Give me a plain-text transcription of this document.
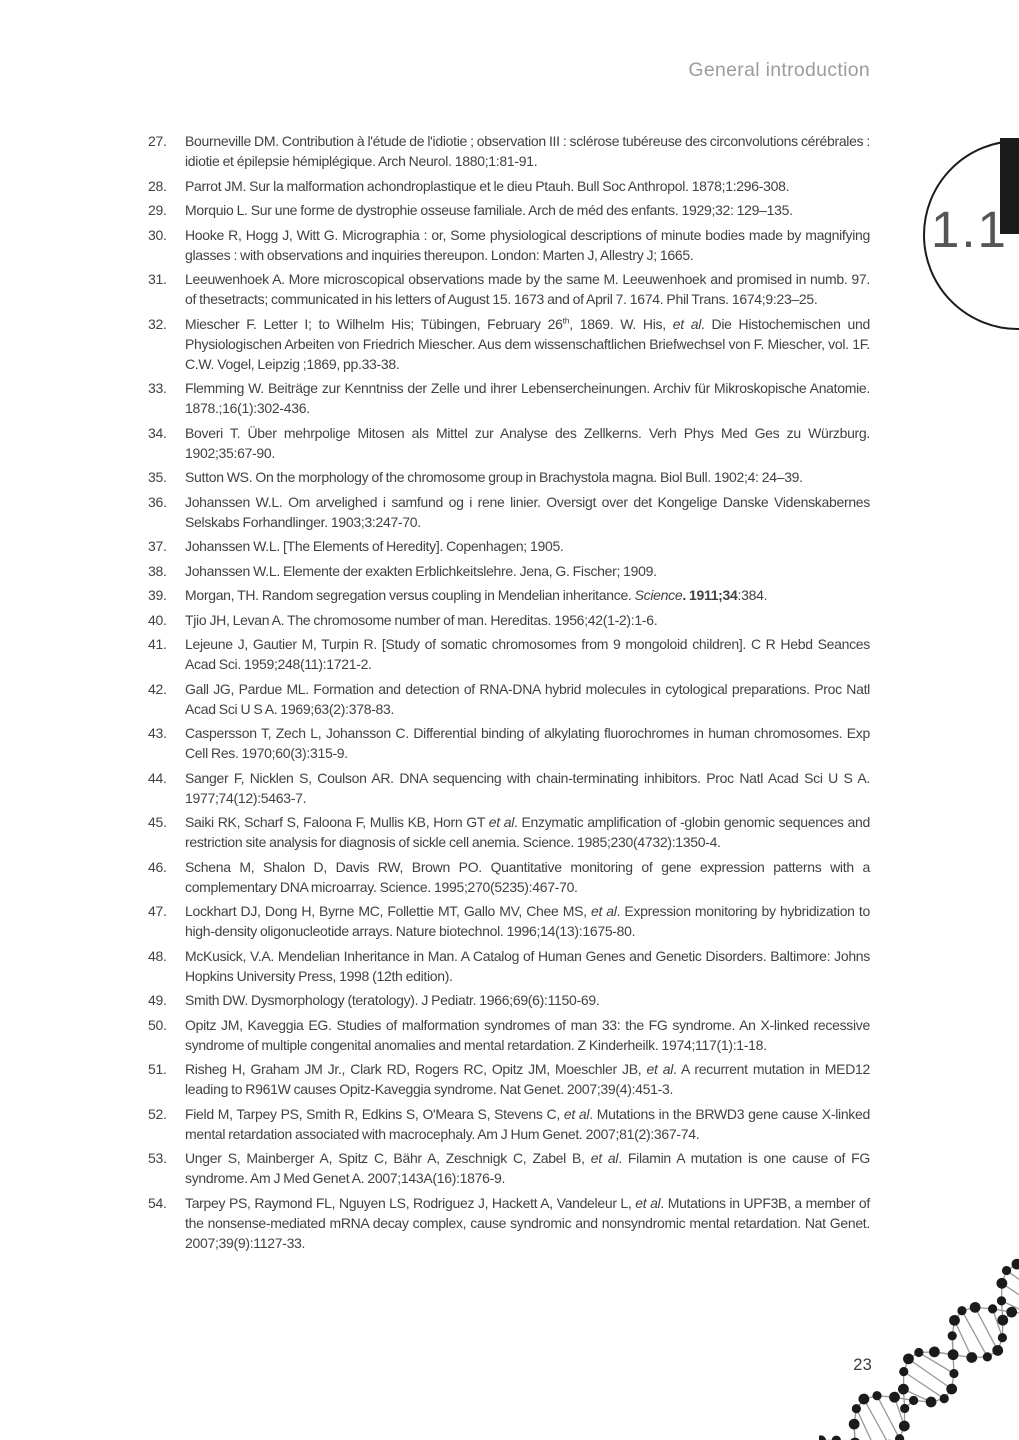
General introduction
1.1
27.	Bourneville DM. Contribution à l'étude de l'idiotie ; observation III : sclérose tubéreuse des circonvolutions cérébrales : idiotie et épilepsie hémiplégique. Arch Neurol. 1880;1:81-91.
28.	Parrot JM. Sur la malformation achondroplastique et le dieu Ptauh. Bull Soc Anthropol. 1878;1:296-308.
29.	Morquio L. Sur une forme de dystrophie osseuse familiale. Arch de méd des enfants. 1929;32: 129–135.
30.	Hooke R, Hogg J, Witt G. Micrographia : or, Some physiological descriptions of minute bodies made by magnifying glasses : with observations and inquiries thereupon. London: Marten J, Allestry J; 1665.
31.	Leeuwenhoek A. More microscopical observations made by the same M. Leeuwenhoek and promised in numb. 97. of thesetracts; communicated in his letters of August 15. 1673 and of April 7. 1674. Phil Trans. 1674;9:23–25.
32.	Miescher F. Letter I; to Wilhelm His; Tübingen, February 26th, 1869. W. His, et al. Die Histochemischen und Physiologischen Arbeiten von Friedrich Miescher. Aus dem wissenschaftlichen Briefwechsel von F. Miescher, vol. 1F. C.W. Vogel, Leipzig ;1869, pp.33-38.
33.	Flemming W. Beiträge zur Kenntniss der Zelle und ihrer Lebensercheinungen. Archiv für Mikroskopische Anatomie. 1878.;16(1):302-436.
34.	Boveri T. Über mehrpolige Mitosen als Mittel zur Analyse des Zellkerns. Verh Phys Med Ges zu Würzburg. 1902;35:67-90.
35.	Sutton WS. On the morphology of the chromosome group in Brachystola magna. Biol Bull. 1902;4: 24–39.
36.	Johanssen W.L. Om arvelighed i samfund og i rene linier. Oversigt over det Kongelige Danske Videnskabernes Selskabs Forhandlinger. 1903;3:247-70.
37.	Johanssen W.L. [The Elements of Heredity]. Copenhagen; 1905.
38.	Johanssen W.L. Elemente der exakten Erblichkeitslehre. Jena, G. Fischer; 1909.
39.	Morgan, TH. Random segregation versus coupling in Mendelian inheritance. Science. 1911;34:384.
40.	Tjio JH, Levan A. The chromosome number of man. Hereditas. 1956;42(1-2):1-6.
41.	Lejeune J, Gautier M, Turpin R. [Study of somatic chromosomes from 9 mongoloid children]. C R Hebd Seances Acad Sci. 1959;248(11):1721-2.
42.	Gall JG, Pardue ML. Formation and detection of RNA-DNA hybrid molecules in cytological preparations. Proc Natl Acad Sci U S A. 1969;63(2):378-83.
43.	Caspersson T, Zech L, Johansson C. Differential binding of alkylating fluorochromes in human chromosomes. Exp Cell Res. 1970;60(3):315-9.
44.	Sanger F, Nicklen S, Coulson AR. DNA sequencing with chain-terminating inhibitors. Proc Natl Acad Sci U S A. 1977;74(12):5463-7.
45.	Saiki RK, Scharf S, Faloona F, Mullis KB, Horn GT et al. Enzymatic amplification of -globin genomic sequences and restriction site analysis for diagnosis of sickle cell anemia. Science. 1985;230(4732):1350-4.
46.	Schena M, Shalon D, Davis RW, Brown PO. Quantitative monitoring of gene expression patterns with a complementary DNA microarray. Science. 1995;270(5235):467-70.
47.	Lockhart DJ, Dong H, Byrne MC, Follettie MT, Gallo MV, Chee MS, et al. Expression monitoring by hybridization to high-density oligonucleotide arrays. Nature biotechnol. 1996;14(13):1675-80.
48.	McKusick, V.A. Mendelian Inheritance in Man. A Catalog of Human Genes and Genetic Disorders. Baltimore: Johns Hopkins University Press, 1998 (12th edition).
49.	Smith DW. Dysmorphology (teratology). J Pediatr. 1966;69(6):1150-69.
50.	Opitz JM, Kaveggia EG. Studies of malformation syndromes of man 33: the FG syndrome. An X-linked recessive syndrome of multiple congenital anomalies and mental retardation. Z Kinderheilk. 1974;117(1):1-18.
51.	Risheg H, Graham JM Jr., Clark RD, Rogers RC, Opitz JM, Moeschler JB, et al. A recurrent mutation in MED12 leading to R961W causes Opitz-Kaveggia syndrome. Nat Genet. 2007;39(4):451-3.
52.	Field M, Tarpey PS, Smith R, Edkins S, O'Meara S, Stevens C, et al. Mutations in the BRWD3 gene cause X-linked mental retardation associated with macrocephaly. Am J Hum Genet. 2007;81(2):367-74.
53.	Unger S, Mainberger A, Spitz C, Bähr A, Zeschnigk C, Zabel B, et al. Filamin A mutation is one cause of FG syndrome. Am J Med Genet A. 2007;143A(16):1876-9.
54.	Tarpey PS, Raymond FL, Nguyen LS, Rodriguez J, Hackett A, Vandeleur L, et al. Mutations in UPF3B, a member of the nonsense-mediated mRNA decay complex, cause syndromic and nonsyndromic mental retardation. Nat Genet. 2007;39(9):1127-33.
23
